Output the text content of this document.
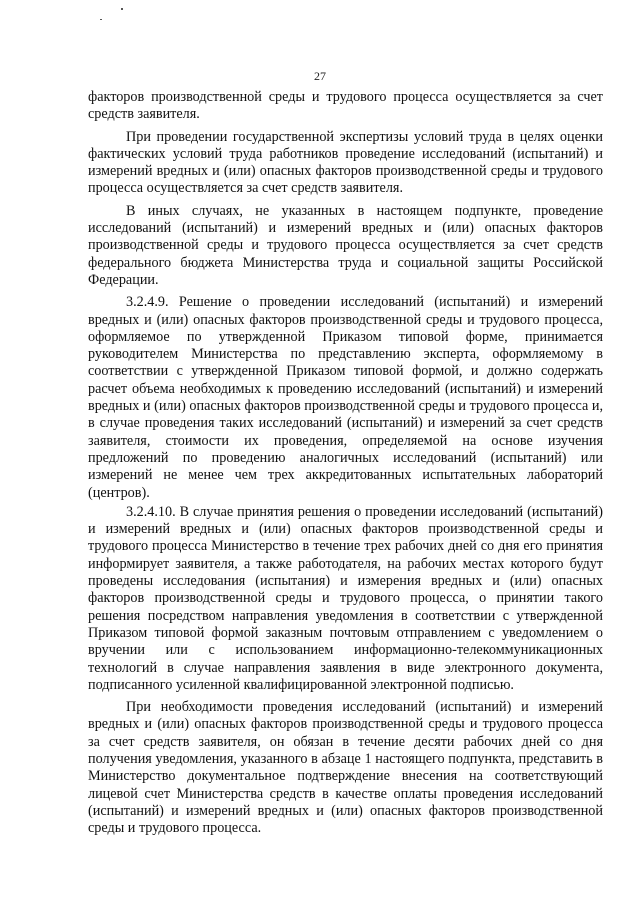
27

факторов производственной среды и трудового процесса осуществляется за счет средств заявителя.

При проведении государственной экспертизы условий труда в целях оценки фактических условий труда работников проведение исследований (испытаний) и измерений вредных и (или) опасных факторов производственной среды и трудового процесса осуществляется за счет средств заявителя.

В иных случаях, не указанных в настоящем подпункте, проведение исследований (испытаний) и измерений вредных и (или) опасных факторов производственной среды и трудового процесса осуществляется за счет средств федерального бюджета Министерства труда и социальной защиты Российской Федерации.

3.2.4.9. Решение о проведении исследований (испытаний) и измерений вредных и (или) опасных факторов производственной среды и трудового процесса, оформляемое по утвержденной Приказом типовой форме, принимается руководителем Министерства по представлению эксперта, оформляемому в соответствии с утвержденной Приказом типовой формой, и должно содержать расчет объема необходимых к проведению исследований (испытаний) и измерений вредных и (или) опасных факторов производственной среды и трудового процесса и, в случае проведения таких исследований (испытаний) и измерений за счет средств заявителя, стоимости их проведения, определяемой на основе изучения предложений по проведению аналогичных исследований (испытаний) или измерений не менее чем трех аккредитованных испытательных лабораторий (центров).

3.2.4.10. В случае принятия решения о проведении исследований (испытаний) и измерений вредных и (или) опасных факторов производственной среды и трудового процесса Министерство в течение трех рабочих дней со дня его принятия информирует заявителя, а также работодателя, на рабочих местах которого будут проведены исследования (испытания) и измерения вредных и (или) опасных факторов производственной среды и трудового процесса, о принятии такого решения посредством направления уведомления в соответствии с утвержденной Приказом типовой формой заказным почтовым отправлением с уведомлением о вручении или с использованием информационно-телекоммуникационных технологий в случае направления заявления в виде электронного документа, подписанного усиленной квалифицированной электронной подписью.

При необходимости проведения исследований (испытаний) и измерений вредных и (или) опасных факторов производственной среды и трудового процесса за счет средств заявителя, он обязан в течение десяти рабочих дней со дня получения уведомления, указанного в абзаце 1 настоящего подпункта, представить в Министерство документальное подтверждение внесения на соответствующий лицевой счет Министерства средств в качестве оплаты проведения исследований (испытаний) и измерений вредных и (или) опасных факторов производственной среды и трудового процесса.
